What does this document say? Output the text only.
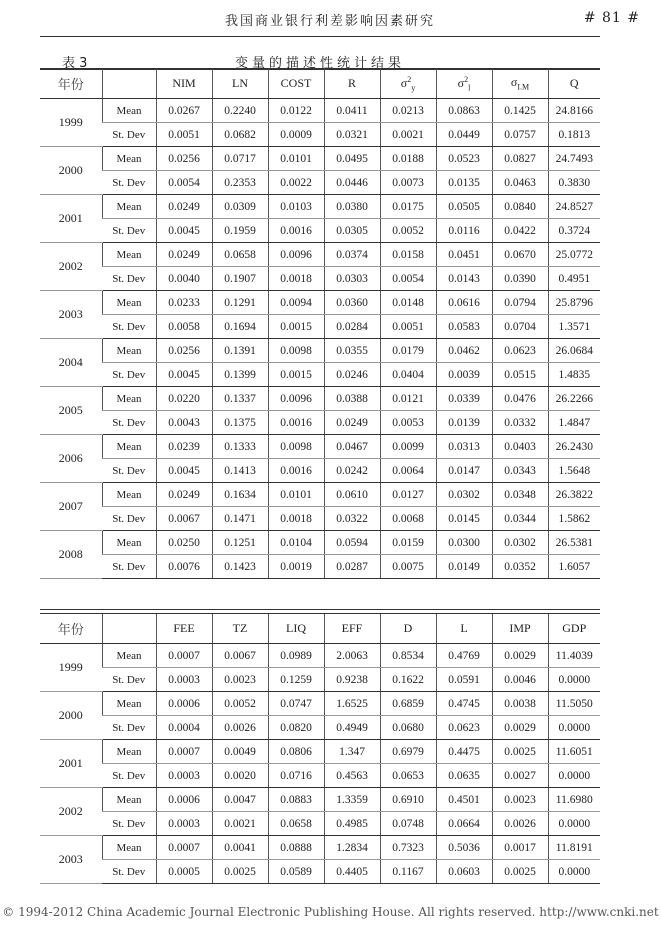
我国商业银行利差影响因素研究	# 81 #
表 3	变量的描述性统计结果
年份		NIM	LN	COST	R	$\sigma^2_y$	$\sigma^2_l$	$\sigma_{I.M}$	Q
1999	Mean	0.0267	0.2240	0.0122	0.0411	0.0213	0.0863	0.1425	24.8166
	St. Dev	0.0051	0.0682	0.0009	0.0321	0.0021	0.0449	0.0757	0.1813
2000	Mean	0.0256	0.0717	0.0101	0.0495	0.0188	0.0523	0.0827	24.7493
	St. Dev	0.0054	0.2353	0.0022	0.0446	0.0073	0.0135	0.0463	0.3830
2001	Mean	0.0249	0.0309	0.0103	0.0380	0.0175	0.0505	0.0840	24.8527
	St. Dev	0.0045	0.1959	0.0016	0.0305	0.0052	0.0116	0.0422	0.3724
2002	Mean	0.0249	0.0658	0.0096	0.0374	0.0158	0.0451	0.0670	25.0772
	St. Dev	0.0040	0.1907	0.0018	0.0303	0.0054	0.0143	0.0390	0.4951
2003	Mean	0.0233	0.1291	0.0094	0.0360	0.0148	0.0616	0.0794	25.8796
	St. Dev	0.0058	0.1694	0.0015	0.0284	0.0051	0.0583	0.0704	1.3571
2004	Mean	0.0256	0.1391	0.0098	0.0355	0.0179	0.0462	0.0623	26.0684
	St. Dev	0.0045	0.1399	0.0015	0.0246	0.0404	0.0039	0.0515	1.4835
2005	Mean	0.0220	0.1337	0.0096	0.0388	0.0121	0.0339	0.0476	26.2266
	St. Dev	0.0043	0.1375	0.0016	0.0249	0.0053	0.0139	0.0332	1.4847
2006	Mean	0.0239	0.1333	0.0098	0.0467	0.0099	0.0313	0.0403	26.2430
	St. Dev	0.0045	0.1413	0.0016	0.0242	0.0064	0.0147	0.0343	1.5648
2007	Mean	0.0249	0.1634	0.0101	0.0610	0.0127	0.0302	0.0348	26.3822
	St. Dev	0.0067	0.1471	0.0018	0.0322	0.0068	0.0145	0.0344	1.5862
2008	Mean	0.0250	0.1251	0.0104	0.0594	0.0159	0.0300	0.0302	26.5381
	St. Dev	0.0076	0.1423	0.0019	0.0287	0.0075	0.0149	0.0352	1.6057
年份		FEE	TZ	LIQ	EFF	D	L	IMP	GDP
1999	Mean	0.0007	0.0067	0.0989	2.0063	0.8534	0.4769	0.0029	11.4039
	St. Dev	0.0003	0.0023	0.1259	0.9238	0.1622	0.0591	0.0046	0.0000
2000	Mean	0.0006	0.0052	0.0747	1.6525	0.6859	0.4745	0.0038	11.5050
	St. Dev	0.0004	0.0026	0.0820	0.4949	0.0680	0.0623	0.0029	0.0000
2001	Mean	0.0007	0.0049	0.0806	1.347	0.6979	0.4475	0.0025	11.6051
	St. Dev	0.0003	0.0020	0.0716	0.4563	0.0653	0.0635	0.0027	0.0000
2002	Mean	0.0006	0.0047	0.0883	1.3359	0.6910	0.4501	0.0023	11.6980
	St. Dev	0.0003	0.0021	0.0658	0.4985	0.0748	0.0664	0.0026	0.0000
2003	Mean	0.0007	0.0041	0.0888	1.2834	0.7323	0.5036	0.0017	11.8191
	St. Dev	0.0005	0.0025	0.0589	0.4405	0.1167	0.0603	0.0025	0.0000
© 1994-2012 China Academic Journal Electronic Publishing House. All rights reserved. http://www.cnki.net
